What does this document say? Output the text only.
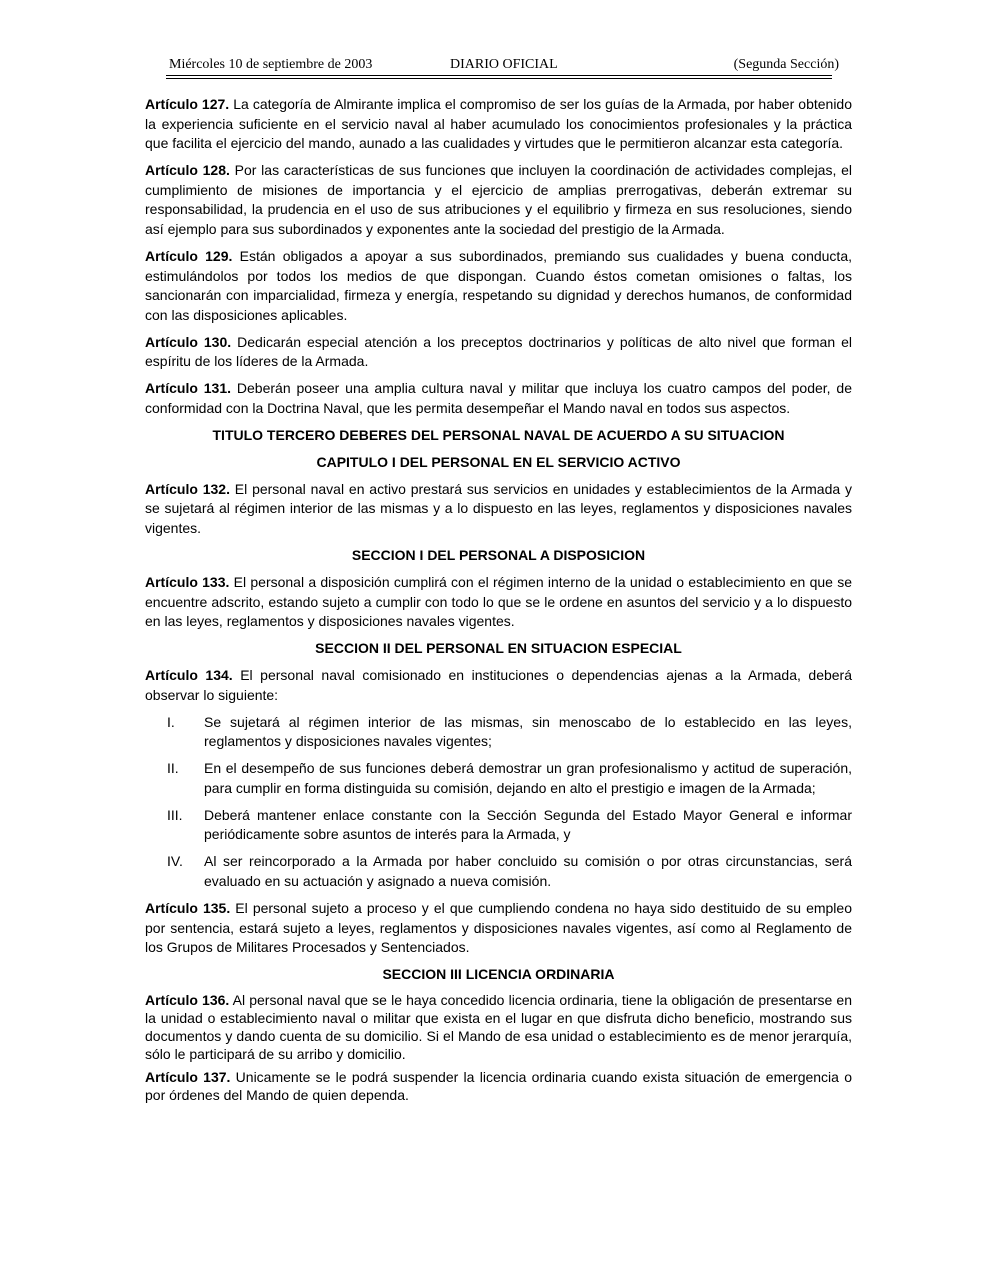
Miércoles 10 de septiembre de 2003	DIARIO OFICIAL	(Segunda Sección)

Artículo 127. La categoría de Almirante implica el compromiso de ser los guías de la Armada, por haber obtenido la experiencia suficiente en el servicio naval al haber acumulado los conocimientos profesionales y la práctica que facilita el ejercicio del mando, aunado a las cualidades y virtudes que le permitieron alcanzar esta categoría.

Artículo 128. Por las características de sus funciones que incluyen la coordinación de actividades complejas, el cumplimiento de misiones de importancia y el ejercicio de amplias prerrogativas, deberán extremar su responsabilidad, la prudencia en el uso de sus atribuciones y el equilibrio y firmeza en sus resoluciones, siendo así ejemplo para sus subordinados y exponentes ante la sociedad del prestigio de la Armada.

Artículo 129. Están obligados a apoyar a sus subordinados, premiando sus cualidades y buena conducta, estimulándolos por todos los medios de que dispongan. Cuando éstos cometan omisiones o faltas, los sancionarán con imparcialidad, firmeza y energía, respetando su dignidad y derechos humanos, de conformidad con las disposiciones aplicables.

Artículo 130. Dedicarán especial atención a los preceptos doctrinarios y políticas de alto nivel que forman el espíritu de los líderes de la Armada.

Artículo 131. Deberán poseer una amplia cultura naval y militar que incluya los cuatro campos del poder, de conformidad con la Doctrina Naval, que les permita desempeñar el Mando naval en todos sus aspectos.

TITULO TERCERO DEBERES DEL PERSONAL NAVAL DE ACUERDO A SU SITUACION
CAPITULO I DEL PERSONAL EN EL SERVICIO ACTIVO

Artículo 132. El personal naval en activo prestará sus servicios en unidades y establecimientos de la Armada y se sujetará al régimen interior de las mismas y a lo dispuesto en las leyes, reglamentos y disposiciones navales vigentes.

SECCION I DEL PERSONAL A DISPOSICION

Artículo 133. El personal a disposición cumplirá con el régimen interno de la unidad o establecimiento en que se encuentre adscrito, estando sujeto a cumplir con todo lo que se le ordene en asuntos del servicio y a lo dispuesto en las leyes, reglamentos y disposiciones navales vigentes.

SECCION II DEL PERSONAL EN SITUACION ESPECIAL

Artículo 134. El personal naval comisionado en instituciones o dependencias ajenas a la Armada, deberá observar lo siguiente:

I.	Se sujetará al régimen interior de las mismas, sin menoscabo de lo establecido en las leyes, reglamentos y disposiciones navales vigentes;
II.	En el desempeño de sus funciones deberá demostrar un gran profesionalismo y actitud de superación, para cumplir en forma distinguida su comisión, dejando en alto el prestigio e imagen de la Armada;
III.	Deberá mantener enlace constante con la Sección Segunda del Estado Mayor General e informar periódicamente sobre asuntos de interés para la Armada, y
IV.	Al ser reincorporado a la Armada por haber concluido su comisión o por otras circunstancias, será evaluado en su actuación y asignado a nueva comisión.

Artículo 135. El personal sujeto a proceso y el que cumpliendo condena no haya sido destituido de su empleo por sentencia, estará sujeto a leyes, reglamentos y disposiciones navales vigentes, así como al Reglamento de los Grupos de Militares Procesados y Sentenciados.

SECCION III LICENCIA ORDINARIA

Artículo 136. Al personal naval que se le haya concedido licencia ordinaria, tiene la obligación de presentarse en la unidad o establecimiento naval o militar que exista en el lugar en que disfruta dicho beneficio, mostrando sus documentos y dando cuenta de su domicilio. Si el Mando de esa unidad o establecimiento es de menor jerarquía, sólo le participará de su arribo y domicilio.

Artículo 137. Unicamente se le podrá suspender la licencia ordinaria cuando exista situación de emergencia o por órdenes del Mando de quien dependa.
